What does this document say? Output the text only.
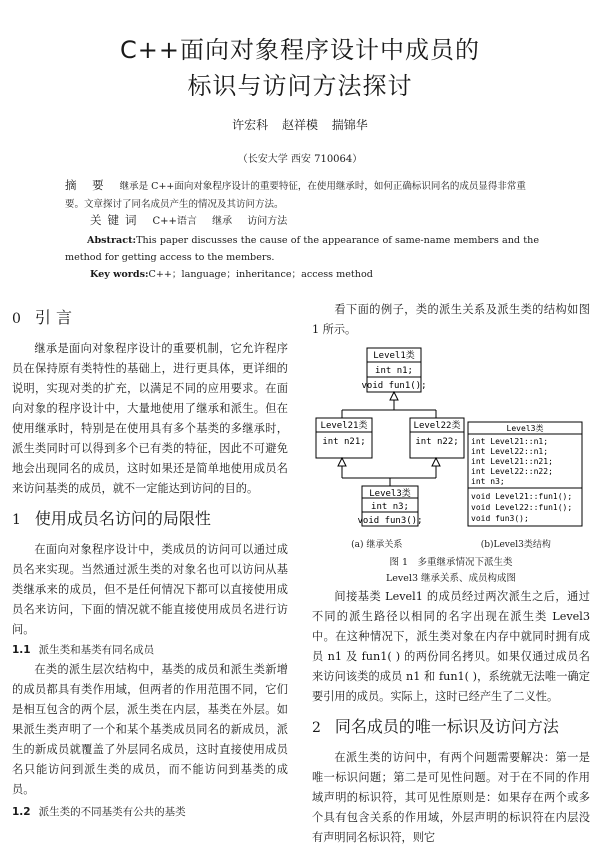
C++面向对象程序设计中成员的
标识与访问方法探讨
许宏科 赵祥模 揣锦华
（长安大学 西安 710064）
摘 要 继承是 C++面向对象程序设计的重要特征，在使用继承时，如何正确标识同名的成员显得非常重要。文章探讨了同名成员产生的情况及其访问方法。
关键词 C++语言 继承 访问方法
Abstract:This paper discusses the cause of the appearance of same-name members and the method for getting access to the members.
Key words:C++；language；inheritance；access method
0 引 言

继承是面向对象程序设计的重要机制，它允许程序员在保持原有类特性的基础上，进行更具体，更详细的说明，实现对类的扩充，以满足不同的应用要求。在面向对象的程序设计中，大量地使用了继承和派生。但在使用继承时，特别是在使用具有多个基类的多继承时，派生类同时可以得到多个已有类的特征，因此不可避免地会出现同名的成员，这时如果还是简单地使用成员名来访问基类的成员，就不一定能达到访问的目的。

1 使用成员名访问的局限性

在面向对象程序设计中，类成员的访问可以通过成员名来实现。当然通过派生类的对象名也可以访问从基类继承来的成员，但不是任何情况下都可以直接使用成员名来访问，下面的情况就不能直接使用成员名进行访问。

1.1 派生类和基类有同名成员

在类的派生层次结构中，基类的成员和派生类新增的成员都具有类作用域，但两者的作用范围不同，它们是相互包含的两个层，派生类在内层，基类在外层。如果派生类声明了一个和某个基类成员同名的新成员，派生的新成员就覆盖了外层同名成员，这时直接使用成员名只能访问到派生类的成员，而不能访问到基类的成员。

1.2 派生类的不同基类有公共的基类

看下面的例子，类的派生关系及派生类的结构如图 1 所示。

Level1类
int n1;
void fun1();
Level21类
int n21;
Level22类
int n22;
Level3类
int n3;
void fun3();
Level3类
int Level21::n1;
int Level22::n1;
int Level21::n21;
int Level22::n22;
int n3;
void Level21::fun1();
void Level22::fun1();
void fun3();
(a) 继承关系	(b)Level3类结构
图 1　多重继承情况下派生类
Level3 继承关系、成员构成图

间接基类 Level1 的成员经过两次派生之后，通过不同的派生路径以相同的名字出现在派生类 Level3 中。在这种情况下，派生类对象在内存中就同时拥有成员 n1 及 fun1( ) 的两份同名拷贝。如果仅通过成员名来访问该类的成员 n1 和 fun1( )，系统就无法唯一确定要引用的成员。实际上，这时已经产生了二义性。

2 同名成员的唯一标识及访问方法

在派生类的访问中，有两个问题需要解决：第一是唯一标识问题；第二是可见性问题。对于在不同的作用域声明的标识符，其可见性原则是：如果存在两个或多个具有包含关系的作用域，外层声明的标识符在内层没有声明同名标识符，则它
